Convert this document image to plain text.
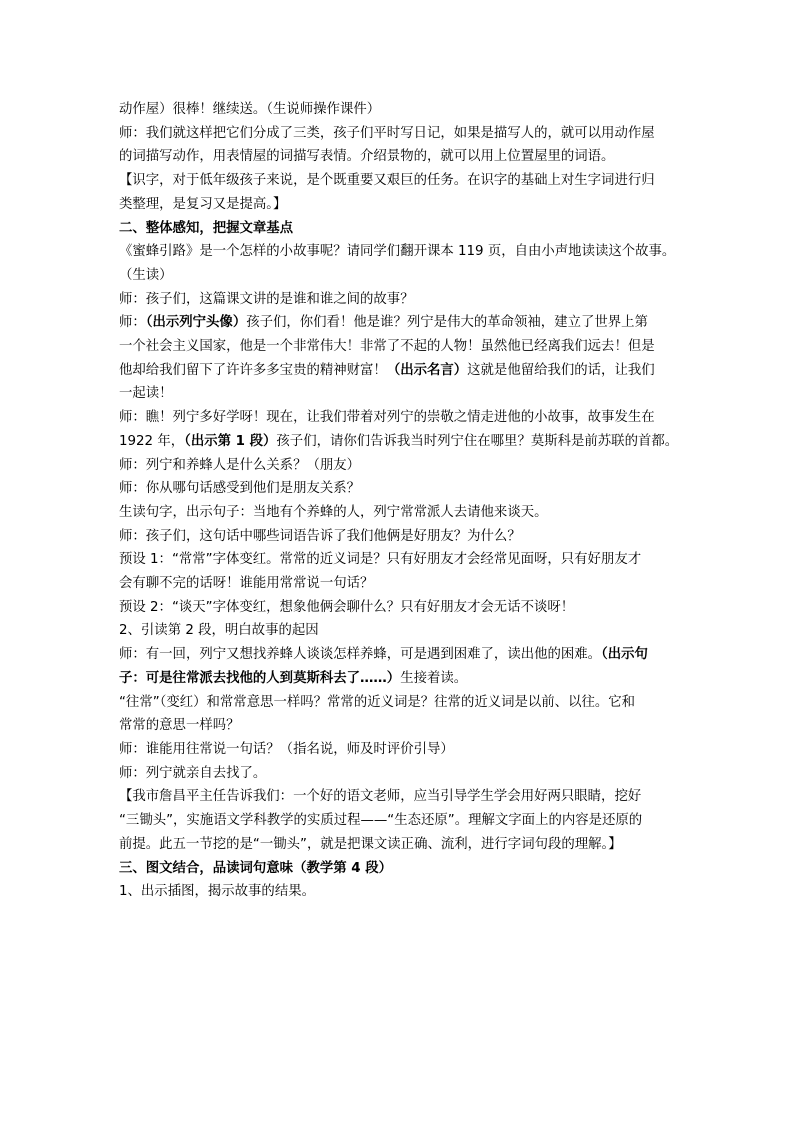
动作屋）很棒！继续送。（生说师操作课件）

师：我们就这样把它们分成了三类，孩子们平时写日记，如果是描写人的，就可以用动作屋

的词描写动作，用表情屋的词描写表情。介绍景物的，就可以用上位置屋里的词语。

【识字，对于低年级孩子来说，是个既重要又艰巨的任务。在识字的基础上对生字词进行归

类整理，是复习又是提高。】

二、整体感知，把握文章基点

《蜜蜂引路》是一个怎样的小故事呢？请同学们翻开课本 119 页，自由小声地读读这个故事。

（生读）

师：孩子们，这篇课文讲的是谁和谁之间的故事？

师：（出示列宁头像）孩子们，你们看！他是谁？列宁是伟大的革命领袖，建立了世界上第

一个社会主义国家，他是一个非常伟大！非常了不起的人物！虽然他已经离我们远去！但是

他却给我们留下了许许多多宝贵的精神财富！（出示名言）这就是他留给我们的话，让我们

一起读！

师：瞧！列宁多好学呀！现在，让我们带着对列宁的崇敬之情走进他的小故事，故事发生在

1922 年，（出示第 1 段）孩子们，请你们告诉我当时列宁住在哪里？莫斯科是前苏联的首都。

师：列宁和养蜂人是什么关系？（朋友）

师：你从哪句话感受到他们是朋友关系？

生读句字，出示句子：当地有个养蜂的人，列宁常常派人去请他来谈天。

师：孩子们，这句话中哪些词语告诉了我们他俩是好朋友？为什么？

预设 1：“常常”字体变红。常常的近义词是？只有好朋友才会经常见面呀，只有好朋友才

会有聊不完的话呀！谁能用常常说一句话？

预设 2：“谈天”字体变红，想象他俩会聊什么？只有好朋友才会无话不谈呀！

2、引读第 2 段，明白故事的起因

师：有一回，列宁又想找养蜂人谈谈怎样养蜂，可是遇到困难了，读出他的困难。（出示句

子：可是往常派去找他的人到莫斯科去了……）生接着读。

“往常”（变红）和常常意思一样吗？常常的近义词是？往常的近义词是以前、以往。它和

常常的意思一样吗？

师：谁能用往常说一句话？（指名说，师及时评价引导）

师：列宁就亲自去找了。

【我市詹昌平主任告诉我们：一个好的语文老师，应当引导学生学会用好两只眼睛，挖好

“三锄头”，实施语文学科教学的实质过程——“生态还原”。理解文字面上的内容是还原的

前提。此五一节挖的是“一锄头”，就是把课文读正确、流利，进行字词句段的理解。】

三、图文结合，品读词句意味（教学第 4 段）

1、出示插图，揭示故事的结果。
